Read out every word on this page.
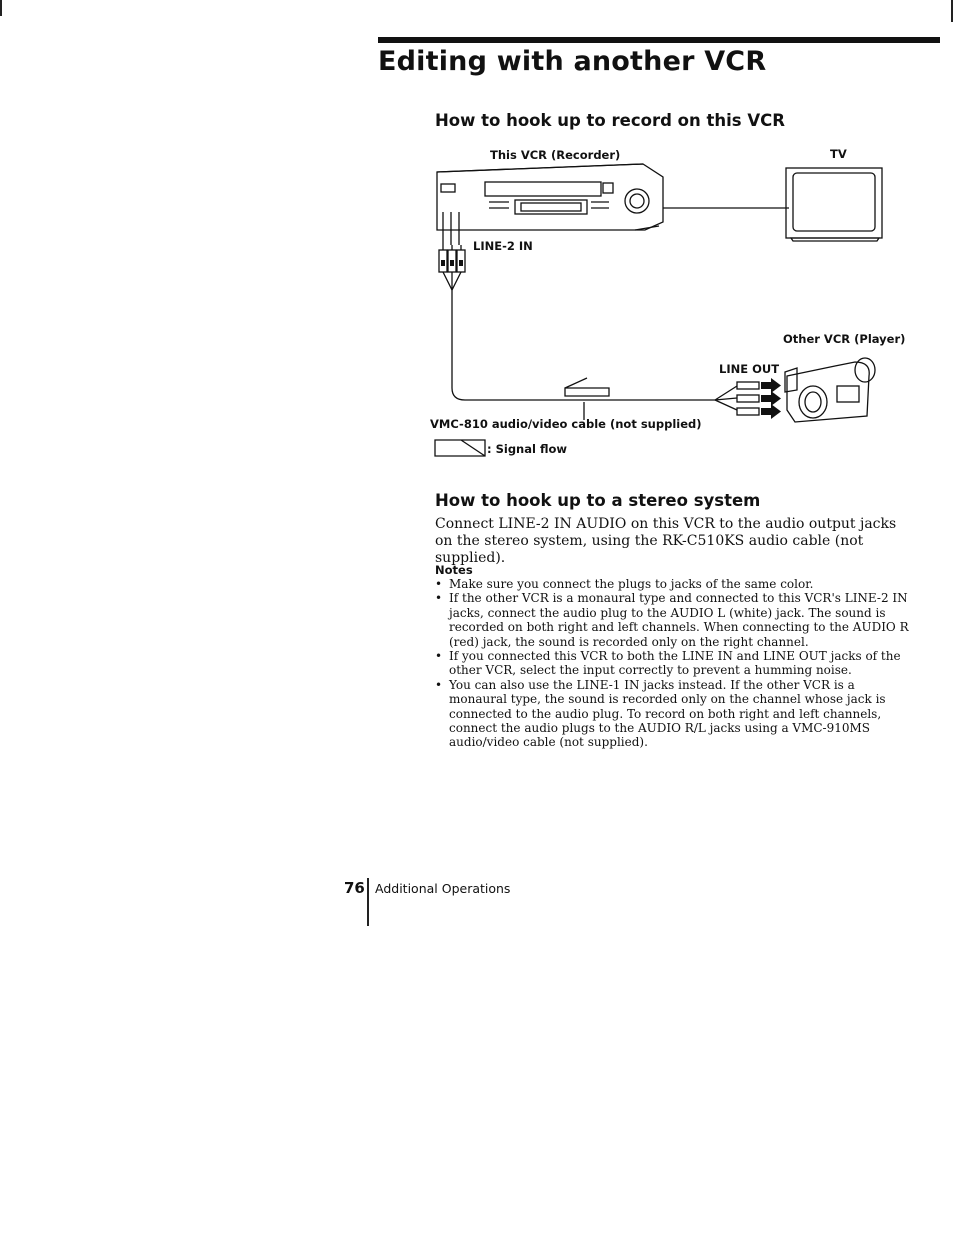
Editing with another VCR
How to hook up to record on this VCR
This VCR (Recorder)	TV
LINE-2 IN
Other VCR (Player)
LINE OUT
VMC-810 audio/video cable (not supplied)
: Signal flow
How to hook up to a stereo system
Connect LINE-2 IN AUDIO on this VCR to the audio output jacks on the stereo system, using the RK-C510KS audio cable (not supplied).
Notes
• Make sure you connect the plugs to jacks of the same color.
• If the other VCR is a monaural type and connected to this VCR's LINE-2 IN jacks, connect the audio plug to the AUDIO L (white) jack. The sound is recorded on both right and left channels. When connecting to the AUDIO R (red) jack, the sound is recorded only on the right channel.
• If you connected this VCR to both the LINE IN and LINE OUT jacks of the other VCR, select the input correctly to prevent a humming noise.
• You can also use the LINE-1 IN jacks instead. If the other VCR is a monaural type, the sound is recorded only on the channel whose jack is connected to the audio plug. To record on both right and left channels, connect the audio plugs to the AUDIO R/L jacks using a VMC-910MS audio/video cable (not supplied).
76 Additional Operations
